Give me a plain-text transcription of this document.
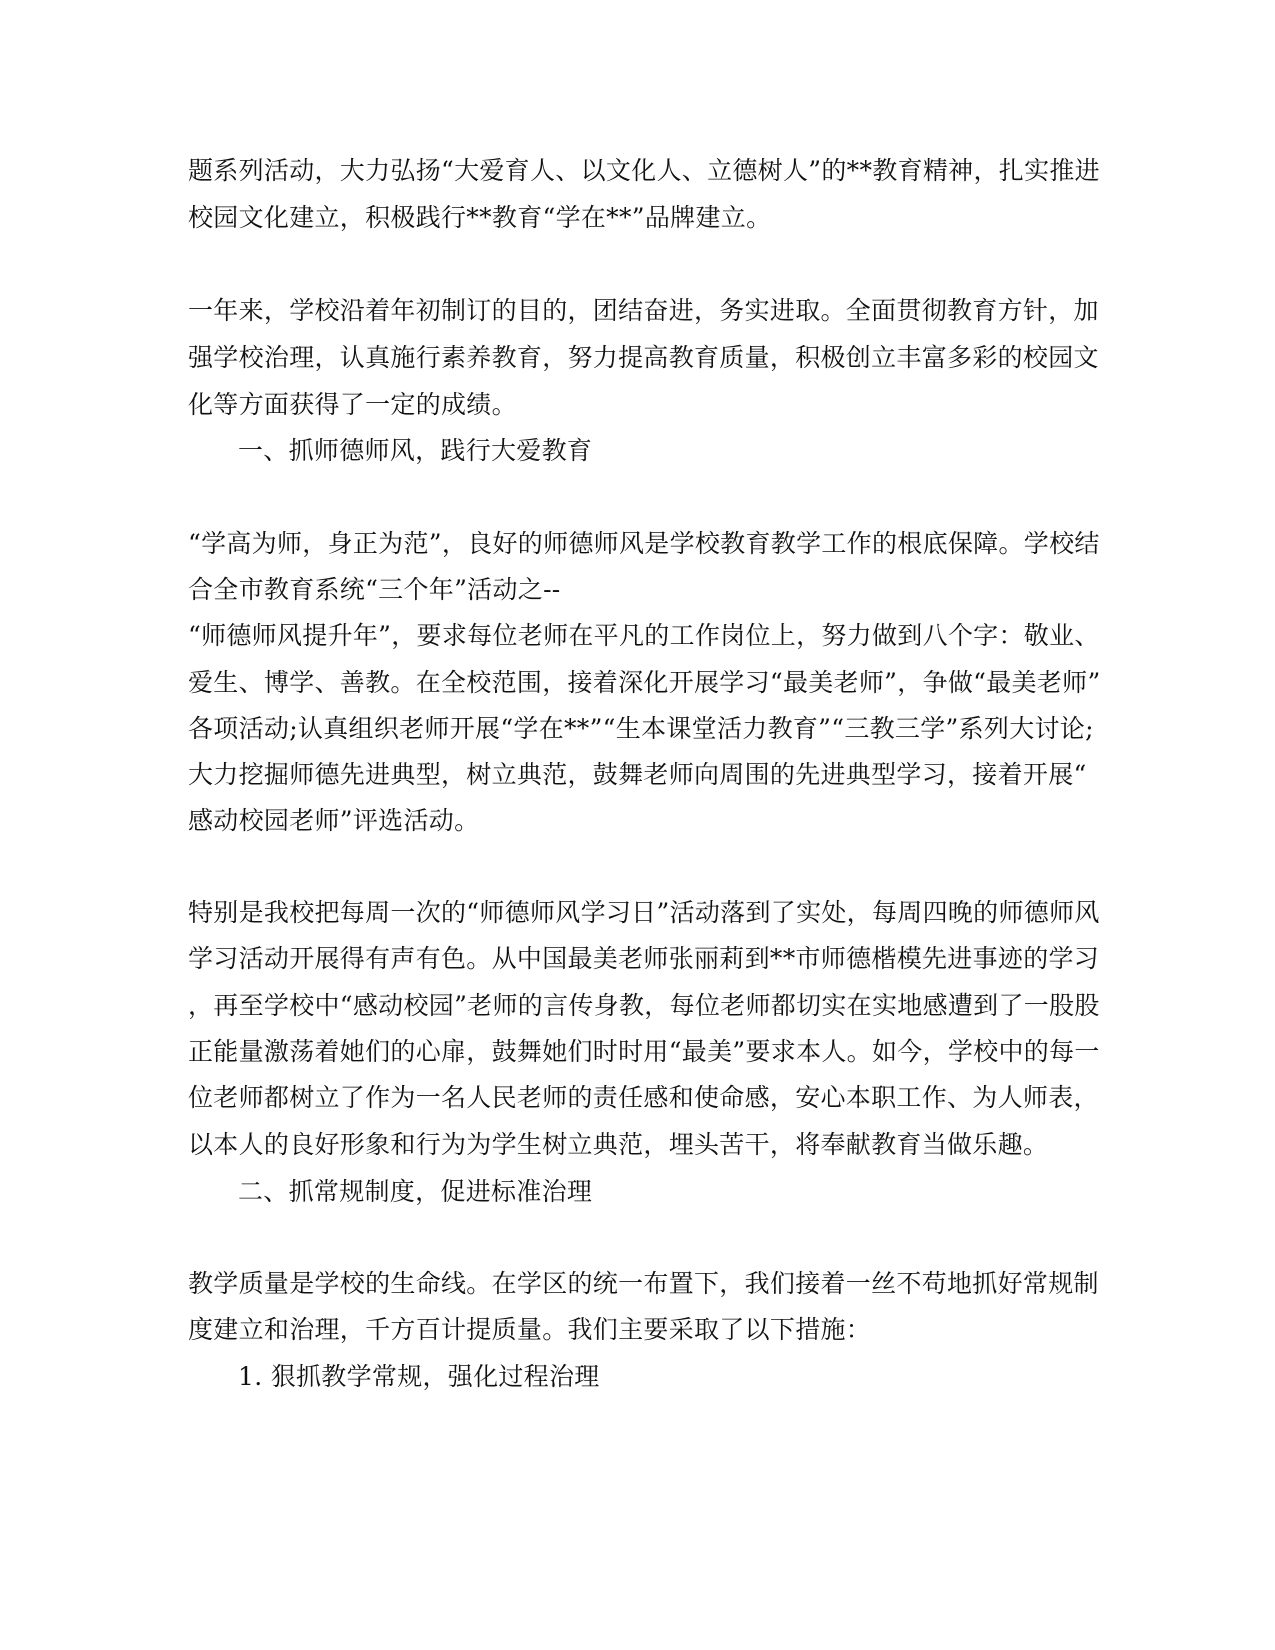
题系列活动，大力弘扬“大爱育人、以文化人、立德树人”的**教育精神，扎实推进
校园文化建立，积极践行**教育“学在**”品牌建立。
一年来，学校沿着年初制订的目的，团结奋进，务实进取。全面贯彻教育方针，加
强学校治理，认真施行素养教育，努力提高教育质量，积极创立丰富多彩的校园文
化等方面获得了一定的成绩。
一、抓师德师风，践行大爱教育
“学高为师，身正为范”，良好的师德师风是学校教育教学工作的根底保障。学校结
合全市教育系统“三个年”活动之--
“师德师风提升年”，要求每位老师在平凡的工作岗位上，努力做到八个字：敬业、
爱生、博学、善教。在全校范围，接着深化开展学习“最美老师”，争做“最美老师”
各项活动;认真组织老师开展“学在**”“生本课堂活力教育”“三教三学”系列大讨论;
大力挖掘师德先进典型，树立典范，鼓舞老师向周围的先进典型学习，接着开展“
感动校园老师”评选活动。
特别是我校把每周一次的“师德师风学习日”活动落到了实处，每周四晚的师德师风
学习活动开展得有声有色。从中国最美老师张丽莉到**市师德楷模先进事迹的学习
，再至学校中“感动校园”老师的言传身教，每位老师都切实在实地感遭到了一股股
正能量激荡着她们的心扉，鼓舞她们时时用“最美”要求本人。如今，学校中的每一
位老师都树立了作为一名人民老师的责任感和使命感，安心本职工作、为人师表，
以本人的良好形象和行为为学生树立典范，埋头苦干，将奉献教育当做乐趣。
二、抓常规制度，促进标准治理
教学质量是学校的生命线。在学区的统一布置下，我们接着一丝不苟地抓好常规制
度建立和治理，千方百计提质量。我们主要采取了以下措施：
1. 狠抓教学常规，强化过程治理
